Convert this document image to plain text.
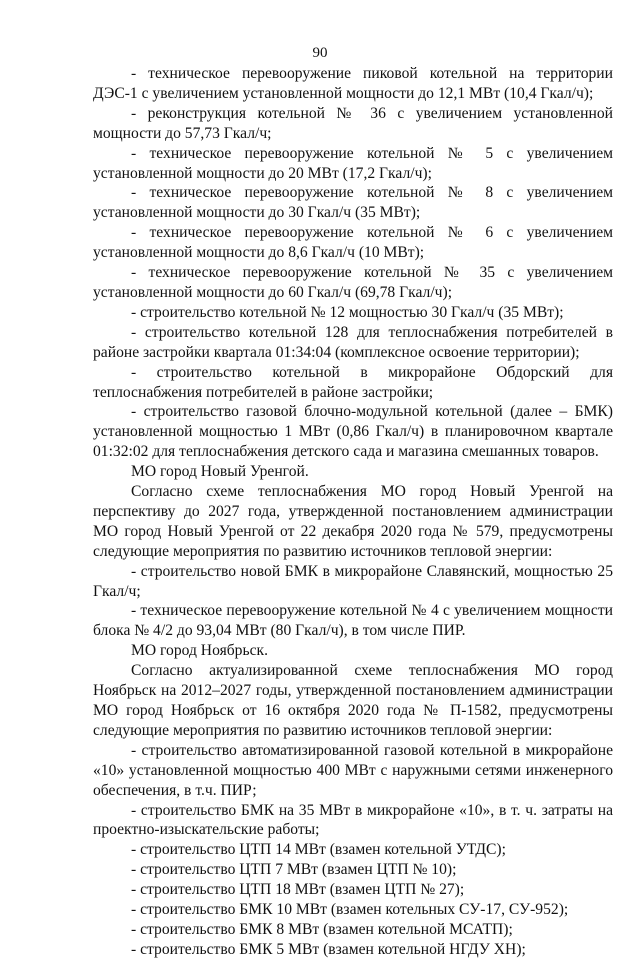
90

- техническое перевооружение пиковой котельной на территории ДЭС-1 с увеличением установленной мощности до 12,1 МВт (10,4 Гкал/ч);

- реконструкция котельной № 36 с увеличением установленной мощности до 57,73 Гкал/ч;

- техническое перевооружение котельной № 5 с увеличением установленной мощности до 20 МВт (17,2 Гкал/ч);

- техническое перевооружение котельной № 8 с увеличением установленной мощности до 30 Гкал/ч (35 МВт);

- техническое перевооружение котельной № 6 с увеличением установленной мощности до 8,6 Гкал/ч (10 МВт);

- техническое перевооружение котельной № 35 с увеличением установленной мощности до 60 Гкал/ч (69,78 Гкал/ч);

- строительство котельной № 12 мощностью 30 Гкал/ч (35 МВт);

- строительство котельной 128 для теплоснабжения потребителей в районе застройки квартала 01:34:04 (комплексное освоение территории);

- строительство котельной в микрорайоне Обдорский для теплоснабжения потребителей в районе застройки;

- строительство газовой блочно-модульной котельной (далее – БМК) установленной мощностью 1 МВт (0,86 Гкал/ч) в планировочном квартале 01:32:02 для теплоснабжения детского сада и магазина смешанных товаров.

МО город Новый Уренгой.

Согласно схеме теплоснабжения МО город Новый Уренгой на перспективу до 2027 года, утвержденной постановлением администрации МО город Новый Уренгой от 22 декабря 2020 года № 579, предусмотрены следующие мероприятия по развитию источников тепловой энергии:

- строительство новой БМК в микрорайоне Славянский, мощностью 25 Гкал/ч;

- техническое перевооружение котельной № 4 с увеличением мощности блока № 4/2 до 93,04 МВт (80 Гкал/ч), в том числе ПИР.

МО город Ноябрьск.

Согласно актуализированной схеме теплоснабжения МО город Ноябрьск на 2012–2027 годы, утвержденной постановлением администрации МО город Ноябрьск от 16 октября 2020 года № П-1582, предусмотрены следующие мероприятия по развитию источников тепловой энергии:

- строительство автоматизированной газовой котельной в микрорайоне «10» установленной мощностью 400 МВт с наружными сетями инженерного обеспечения, в т.ч. ПИР;

- строительство БМК на 35 МВт в микрорайоне «10», в т. ч. затраты на проектно-изыскательские работы;

- строительство ЦТП 14 МВт (взамен котельной УТДС);

- строительство ЦТП 7 МВт (взамен ЦТП № 10);

- строительство ЦТП 18 МВт (взамен ЦТП № 27);

- строительство БМК 10 МВт (взамен котельных СУ-17, СУ-952);

- строительство БМК 8 МВт (взамен котельной МСАТП);

- строительство БМК 5 МВт (взамен котельной НГДУ ХН);
